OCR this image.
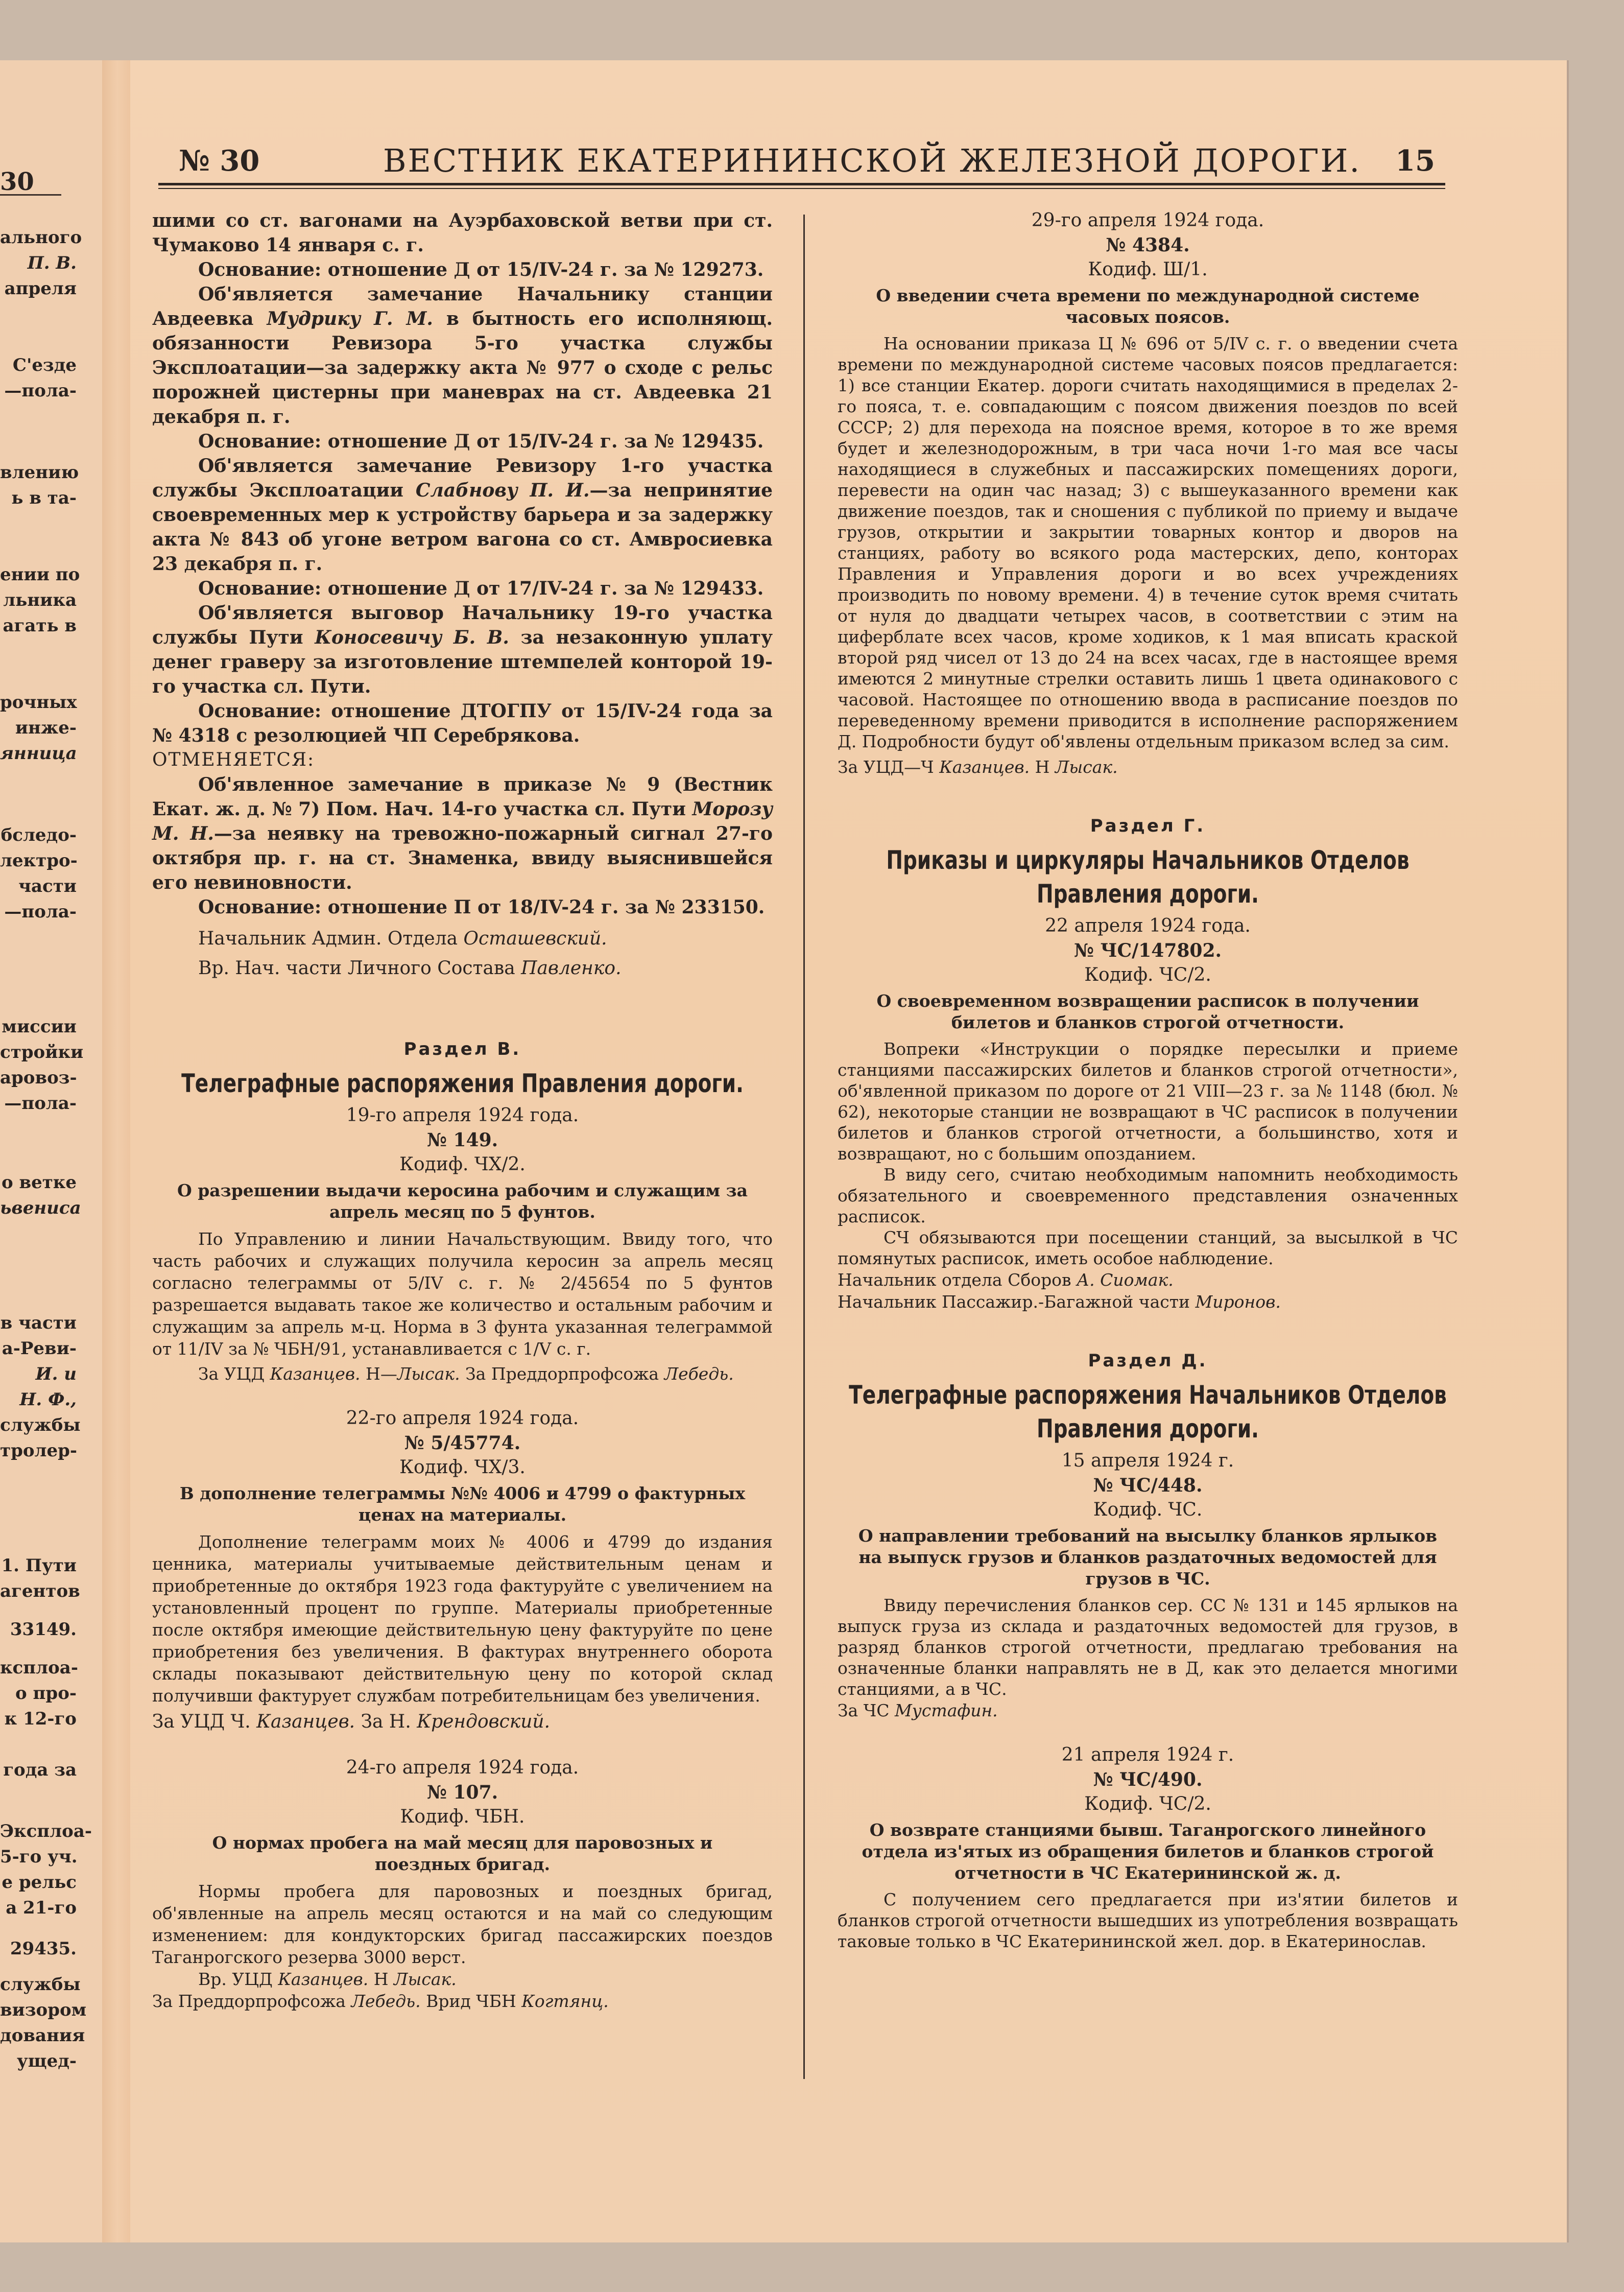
30
ального
П. В.
апреля
С'езде
—пола-
влению
ь в та-
ении по
льника
агать в
рочных
инже-
янница
бследо-
лектро-
части
—пола-
миссии
стройки
аровоз-
—пола-
о ветке
ьвениса
в части
а-Реви-
И. и
Н. Ф.,
службы
тролер-
1. Пути
агентов
33149.
ксплоа-
о про-
к 12-го
года за
Эксплоа-
5-го уч.
е рельс
а 21-го
29435.
службы
визором
дования
ущед-
№ 30	ВЕСТНИК ЕКАТЕРИНИНСКОЙ ЖЕЛЕЗНОЙ ДОРОГИ. 15

шими со ст. вагонами на Ауэрбаховской ветви при ст. Чумаково 14 января с. г.

Основание: отношение Д от 15/IV-24 г. за № 129273.

Об'является замечание Начальнику станции Авдеевка Мудрику Г. М. в бытность его исполняющ. обязанности Ревизора 5-го участка службы Эксплоатации—за задержку акта № 977 о сходе с рельс порожней цистерны при маневрах на ст. Авдеевка 21 декабря п. г.

Основание: отношение Д от 15/IV-24 г. за № 129435.

Об'является замечание Ревизору 1-го участка службы Эксплоатации Слабнову П. И.—за непринятие своевременных мер к устройству барьера и за задержку акта № 843 об угоне ветром вагона со ст. Амвросиевка 23 декабря п. г.

Основание: отношение Д от 17/IV-24 г. за № 129433.

Об'является выговор Начальнику 19-го участка службы Пути Коносевичу Б. В. за незаконную уплату денег граверу за изготовление штемпелей конторой 19-го участка сл. Пути.

Основание: отношение ДТОГПУ от 15/IV-24 года за № 4318 с резолюцией ЧП Серебрякова.

ОТМЕНЯЕТСЯ:

Об'явленное замечание в приказе № 9 (Вестник Екат. ж. д. № 7) Пом. Нач. 14-го участка сл. Пути Морозу М. Н.—за неявку на тревожно-пожарный сигнал 27-го октября пр. г. на ст. Знаменка, ввиду выяснившейся его невиновности.

Основание: отношение П от 18/IV-24 г. за № 233150.

Начальник Админ. Отдела Осташевский.

Вр. Нач. части Личного Состава Павленко.

Раздел В.
Телеграфные распоряжения Правления дороги.
19-го апреля 1924 года.
№ 149.
Кодиф. ЧХ/2.
О разрешении выдачи керосина рабочим и служащим за апрель месяц по 5 фунтов.

По Управлению и линии Начальствующим. Ввиду того, что часть рабочих и служащих получила керосин за апрель месяц согласно телеграммы от 5/IV с. г. № 2/45654 по 5 фунтов разрешается выдавать такое же количество и остальным рабочим и служащим за апрель м-ц. Норма в 3 фунта указанная телеграммой от 11/IV за № ЧБН/91, устанавливается с 1/V с. г.

За УЦД Казанцев. Н—Лысак. За Преддорпрофсожа Лебедь.

22-го апреля 1924 года.
№ 5/45774.
Кодиф. ЧХ/3.
В дополнение телеграммы №№ 4006 и 4799 о фактурных ценах на материалы.

Дополнение телеграмм моих № 4006 и 4799 до издания ценника, материалы учитываемые действительным ценам и приобретенные до октября 1923 года фактуруйте с увеличением на установленный процент по группе. Материалы приобретенные после октября имеющие действительную цену фактуруйте по цене приобретения без увеличения. В фактурах внутреннего оборота склады показывают действительную цену по которой склад получивши фактурует службам потребительницам без увеличения.

За УЦД Ч. Казанцев. За Н. Крендовский.

24-го апреля 1924 года.
№ 107.
Кодиф. ЧБН.
О нормах пробега на май месяц для паровозных и поездных бригад.

Нормы пробега для паровозных и поездных бригад, об'явленные на апрель месяц остаются и на май со следующим изменением: для кондукторских бригад пассажирских поездов Таганрогского резерва 3000 верст.

Вр. УЦД Казанцев. Н Лысак.

За Преддорпрофсожа Лебедь. Врид ЧБН Когтянц.

29-го апреля 1924 года.
№ 4384.
Кодиф. Ш/1.
О введении счета времени по международной системе часовых поясов.

На основании приказа Ц № 696 от 5/IV с. г. о введении счета времени по международной системе часовых поясов предлагается: 1) все станции Екатер. дороги считать находящимися в пределах 2-го пояса, т. е. совпадающим с поясом движения поездов по всей СССР; 2) для перехода на поясное время, которое в то же время будет и железнодорожным, в три часа ночи 1-го мая все часы находящиеся в служебных и пассажирских помещениях дороги, перевести на один час назад; 3) с вышеуказанного времени как движение поездов, так и сношения с публикой по приему и выдаче грузов, открытии и закрытии товарных контор и дворов на станциях, работу во всякого рода мастерских, депо, конторах Правления и Управления дороги и во всех учреждениях производить по новому времени. 4) в течение суток время считать от нуля до двадцати четырех часов, в соответствии с этим на циферблате всех часов, кроме ходиков, к 1 мая вписать краской второй ряд чисел от 13 до 24 на всех часах, где в настоящее время имеются 2 минутные стрелки оставить лишь 1 цвета одинакового с часовой. Настоящее по отношению ввода в расписание поездов по переведенному времени приводится в исполнение распоряжением Д. Подробности будут об'явлены отдельным приказом вслед за сим.

За УЦД—Ч Казанцев. Н Лысак.

Раздел Г.
Приказы и циркуляры Начальников Отделов Правления дороги.
22 апреля 1924 года.
№ ЧС/147802.
Кодиф. ЧС/2.
О своевременном возвращении расписок в получении билетов и бланков строгой отчетности.

Вопреки «Инструкции о порядке пересылки и приеме станциями пассажирских билетов и бланков строгой отчетности», об'явленной приказом по дороге от 21 VIII—23 г. за № 1148 (бюл. № 62), некоторые станции не возвращают в ЧС расписок в получении билетов и бланков строгой отчетности, а большинство, хотя и возвращают, но с большим опозданием.

В виду сего, считаю необходимым напомнить необходимость обязательного и своевременного представления означенных расписок.

СЧ обязываются при посещении станций, за высылкой в ЧС помянутых расписок, иметь особое наблюдение.

Начальник отдела Сборов А. Сиомак.

Начальник Пассажир.-Багажной части Миронов.

Раздел Д.
Телеграфные распоряжения Начальников Отделов Правления дороги.
15 апреля 1924 г.
№ ЧС/448.
Кодиф. ЧС.
О направлении требований на высылку бланков ярлыков на выпуск грузов и бланков раздаточных ведомостей для грузов в ЧС.

Ввиду перечисления бланков сер. СС № 131 и 145 ярлыков на выпуск груза из склада и раздаточных ведомостей для грузов, в разряд бланков строгой отчетности, предлагаю требования на означенные бланки направлять не в Д, как это делается многими станциями, а в ЧС.

За ЧС Мустафин.

21 апреля 1924 г.
№ ЧС/490.
Кодиф. ЧС/2.
О возврате станциями бывш. Таганрогского линейного отдела из'ятых из обращения билетов и бланков строгой отчетности в ЧС Екатерининской ж. д.

С получением сего предлагается при из'ятии билетов и бланков строгой отчетности вышедших из употребления возвращать таковые только в ЧС Екатерининской жел. дор. в Екатеринослав.
